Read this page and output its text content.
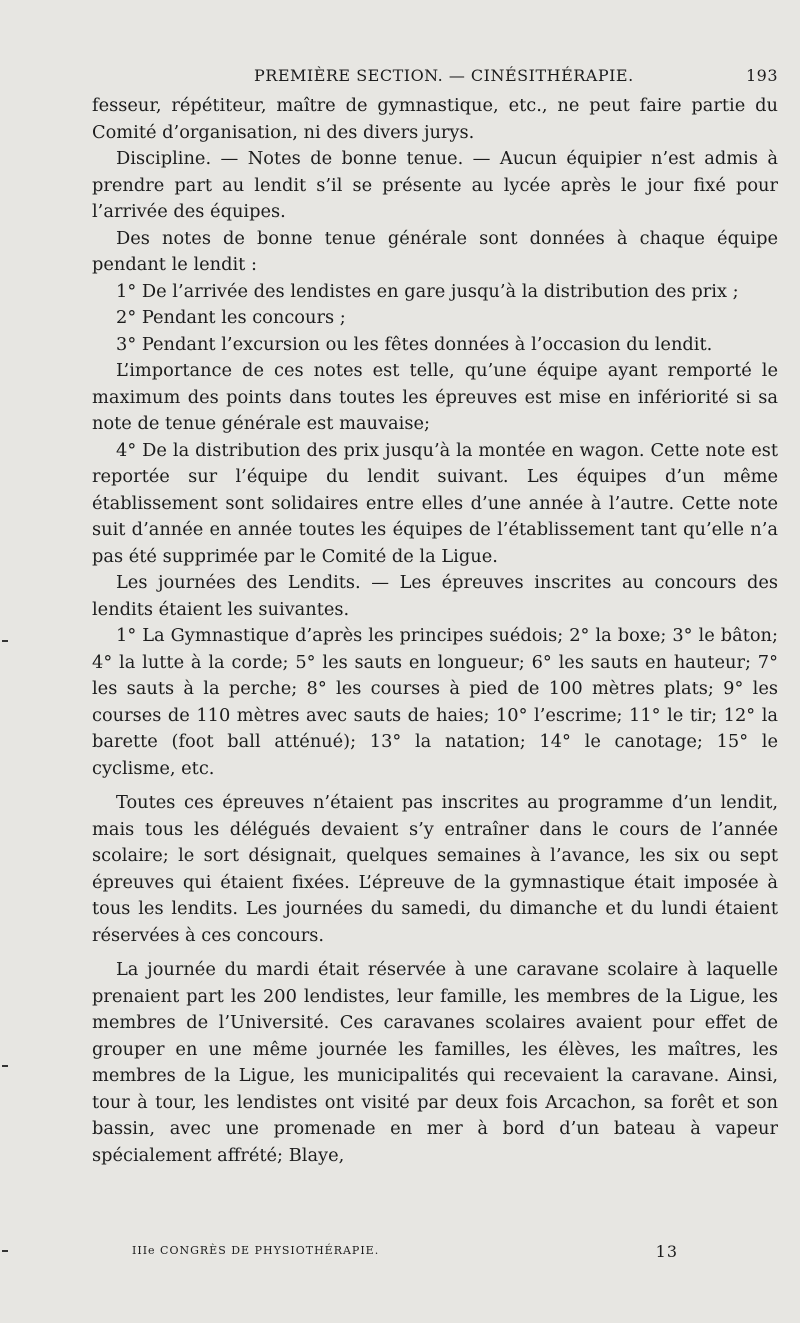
PREMIÈRE SECTION. — CINÉSITHÉRAPIE.	193

fesseur, répétiteur, maître de gymnastique, etc., ne peut faire partie du Comité d’organisation, ni des divers jurys.

Discipline. — Notes de bonne tenue. — Aucun équipier n’est admis à prendre part au lendit s’il se présente au lycée après le jour fixé pour l’arrivée des équipes.

Des notes de bonne tenue générale sont données à chaque équipe pendant le lendit :

1° De l’arrivée des lendistes en gare jusqu’à la distribution des prix ;

2° Pendant les concours ;

3° Pendant l’excursion ou les fêtes données à l’occasion du lendit.

L’importance de ces notes est telle, qu’une équipe ayant remporté le maximum des points dans toutes les épreuves est mise en infériorité si sa note de tenue générale est mauvaise;

4° De la distribution des prix jusqu’à la montée en wagon. Cette note est reportée sur l’équipe du lendit suivant. Les équipes d’un même établissement sont solidaires entre elles d’une année à l’autre. Cette note suit d’année en année toutes les équipes de l’établissement tant qu’elle n’a pas été supprimée par le Comité de la Ligue.

Les journées des Lendits. — Les épreuves inscrites au concours des lendits étaient les suivantes.

1° La Gymnastique d’après les principes suédois; 2° la boxe; 3° le bâton; 4° la lutte à la corde; 5° les sauts en longueur; 6° les sauts en hauteur; 7° les sauts à la perche; 8° les courses à pied de 100 mètres plats; 9° les courses de 110 mètres avec sauts de haies; 10° l’escrime; 11° le tir; 12° la barette (foot ball atténué); 13° la natation; 14° le canotage; 15° le cyclisme, etc.

Toutes ces épreuves n’étaient pas inscrites au programme d’un lendit, mais tous les délégués devaient s’y entraîner dans le cours de l’année scolaire; le sort désignait, quelques semaines à l’avance, les six ou sept épreuves qui étaient fixées. L’épreuve de la gymnastique était imposée à tous les lendits. Les journées du samedi, du dimanche et du lundi étaient réservées à ces concours.

La journée du mardi était réservée à une caravane scolaire à laquelle prenaient part les 200 lendistes, leur famille, les membres de la Ligue, les membres de l’Université. Ces caravanes scolaires avaient pour effet de grouper en une même journée les familles, les élèves, les maîtres, les membres de la Ligue, les municipalités qui recevaient la caravane. Ainsi, tour à tour, les lendistes ont visité par deux fois Arcachon, sa forêt et son bassin, avec une promenade en mer à bord d’un bateau à vapeur spécialement affrété; Blaye,

IIIe CONGRÈS DE PHYSIOTHÉRAPIE.	13
